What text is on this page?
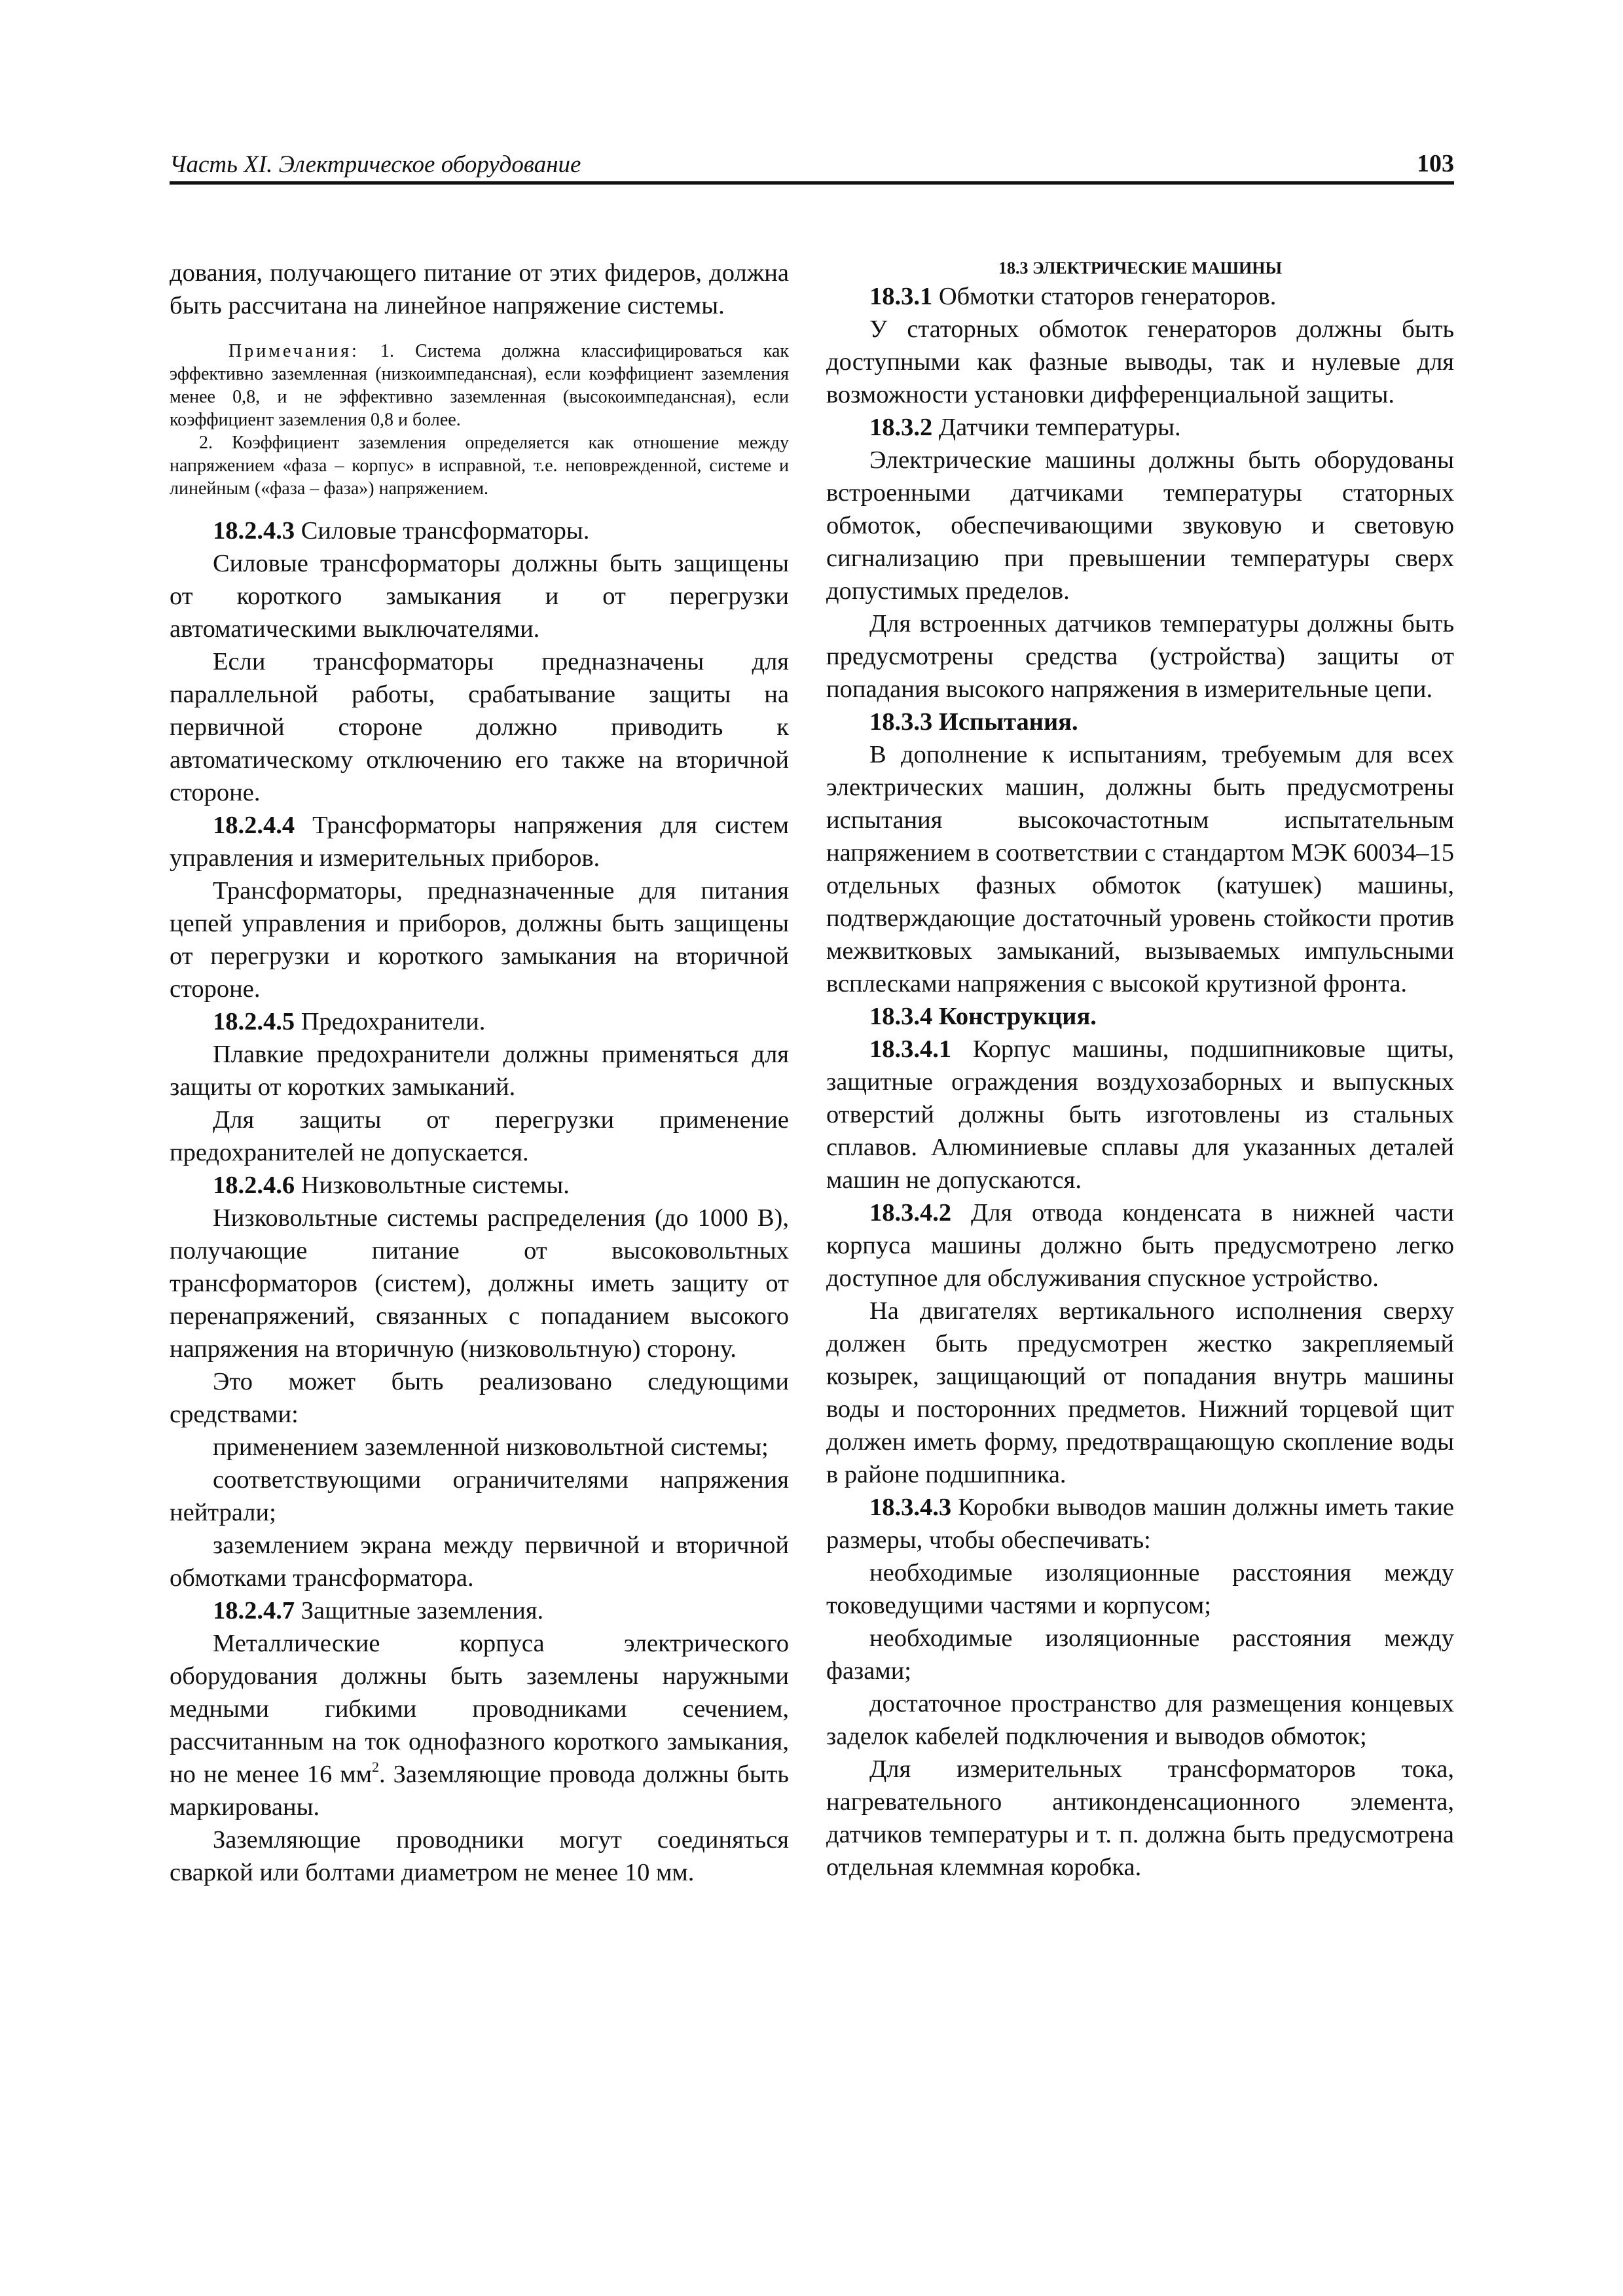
Часть XI. Электрическое оборудование	103

дования, получающего питание от этих фидеров, должна быть рассчитана на линейное напряжение системы.

Примечания: 1. Система должна классифицироваться как эффективно заземленная (низкоимпедансная), если коэффициент заземления менее 0,8, и не эффективно заземленная (высокоимпедансная), если коэффициент заземления 0,8 и более.

2. Коэффициент заземления определяется как отношение между напряжением «фаза – корпус» в исправной, т.е. неповрежденной, системе и линейным («фаза – фаза») напряжением.

18.2.4.3 Силовые трансформаторы.

Силовые трансформаторы должны быть защищены от короткого замыкания и от перегрузки автоматическими выключателями.

Если трансформаторы предназначены для параллельной работы, срабатывание защиты на первичной стороне должно приводить к автоматическому отключению его также на вторичной стороне.

18.2.4.4 Трансформаторы напряжения для систем управления и измерительных приборов.

Трансформаторы, предназначенные для питания цепей управления и приборов, должны быть защищены от перегрузки и короткого замыкания на вторичной стороне.

18.2.4.5 Предохранители.

Плавкие предохранители должны применяться для защиты от коротких замыканий.

Для защиты от перегрузки применение предохранителей не допускается.

18.2.4.6 Низковольтные системы.

Низковольтные системы распределения (до 1000 В), получающие питание от высоковольтных трансформаторов (систем), должны иметь защиту от перенапряжений, связанных с попаданием высокого напряжения на вторичную (низковольтную) сторону.

Это может быть реализовано следующими средствами:

применением заземленной низковольтной системы;

соответствующими ограничителями напряжения нейтрали;

заземлением экрана между первичной и вторичной обмотками трансформатора.

18.2.4.7 Защитные заземления.

Металлические корпуса электрического оборудования должны быть заземлены наружными медными гибкими проводниками сечением, рассчитанным на ток однофазного короткого замыкания, но не менее 16 $мм^2$. Заземляющие провода должны быть маркированы.

Заземляющие проводники могут соединяться сваркой или болтами диаметром не менее 10 мм.

18.3 ЭЛЕКТРИЧЕСКИЕ МАШИНЫ

18.3.1 Обмотки статоров генераторов.

У статорных обмоток генераторов должны быть доступными как фазные выводы, так и нулевые для возможности установки дифференциальной защиты.

18.3.2 Датчики температуры.

Электрические машины должны быть оборудованы встроенными датчиками температуры статорных обмоток, обеспечивающими звуковую и световую сигнализацию при превышении температуры сверх допустимых пределов.

Для встроенных датчиков температуры должны быть предусмотрены средства (устройства) защиты от попадания высокого напряжения в измерительные цепи.

18.3.3 Испытания.

В дополнение к испытаниям, требуемым для всех электрических машин, должны быть предусмотрены испытания высокочастотным испытательным напряжением в соответствии с стандартом МЭК 60034–15 отдельных фазных обмоток (катушек) машины, подтверждающие достаточный уровень стойкости против межвитковых замыканий, вызываемых импульсными всплесками напряжения с высокой крутизной фронта.

18.3.4 Конструкция.

18.3.4.1 Корпус машины, подшипниковые щиты, защитные ограждения воздухозаборных и выпускных отверстий должны быть изготовлены из стальных сплавов. Алюминиевые сплавы для указанных деталей машин не допускаются.

18.3.4.2 Для отвода конденсата в нижней части корпуса машины должно быть предусмотрено легко доступное для обслуживания спускное устройство.

На двигателях вертикального исполнения сверху должен быть предусмотрен жестко закрепляемый козырек, защищающий от попадания внутрь машины воды и посторонних предметов. Нижний торцевой щит должен иметь форму, предотвращающую скопление воды в районе подшипника.

18.3.4.3 Коробки выводов машин должны иметь такие размеры, чтобы обеспечивать:

необходимые изоляционные расстояния между токоведущими частями и корпусом;

необходимые изоляционные расстояния между фазами;

достаточное пространство для размещения концевых заделок кабелей подключения и выводов обмоток;

Для измерительных трансформаторов тока, нагревательного антиконденсационного элемента, датчиков температуры и т. п. должна быть предусмотрена отдельная клеммная коробка.
